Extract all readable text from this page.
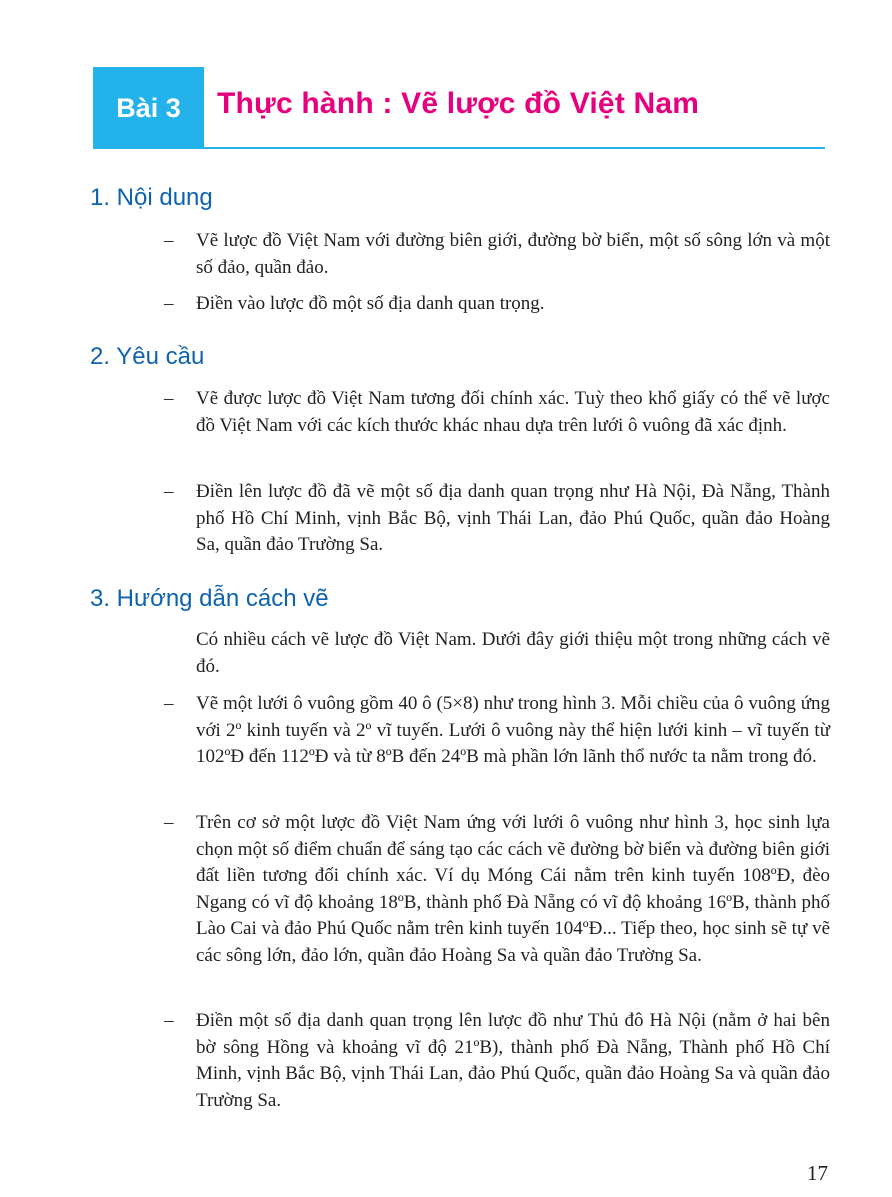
Bài 3	Thực hành : Vẽ lược đồ Việt Nam
1. Nội dung
– Vẽ lược đồ Việt Nam với đường biên giới, đường bờ biển, một số sông lớn và một số đảo, quần đảo.
– Điền vào lược đồ một số địa danh quan trọng.
2. Yêu cầu
– Vẽ được lược đồ Việt Nam tương đối chính xác. Tuỳ theo khổ giấy có thể vẽ lược đồ Việt Nam với các kích thước khác nhau dựa trên lưới ô vuông đã xác định.
– Điền lên lược đồ đã vẽ một số địa danh quan trọng như Hà Nội, Đà Nẵng, Thành phố Hồ Chí Minh, vịnh Bắc Bộ, vịnh Thái Lan, đảo Phú Quốc, quần đảo Hoàng Sa, quần đảo Trường Sa.
3. Hướng dẫn cách vẽ
Có nhiều cách vẽ lược đồ Việt Nam. Dưới đây giới thiệu một trong những cách vẽ đó.
– Vẽ một lưới ô vuông gồm 40 ô (5×8) như trong hình 3. Mỗi chiều của ô vuông ứng với 2º kinh tuyến và 2º vĩ tuyến. Lưới ô vuông này thể hiện lưới kinh – vĩ tuyến từ 102ºĐ đến 112ºĐ và từ 8ºB đến 24ºB mà phần lớn lãnh thổ nước ta nằm trong đó.
– Trên cơ sở một lược đồ Việt Nam ứng với lưới ô vuông như hình 3, học sinh lựa chọn một số điểm chuẩn để sáng tạo các cách vẽ đường bờ biển và đường biên giới đất liền tương đối chính xác. Ví dụ Móng Cái nằm trên kinh tuyến 108ºĐ, đèo Ngang có vĩ độ khoảng 18ºB, thành phố Đà Nẵng có vĩ độ khoảng 16ºB, thành phố Lào Cai và đảo Phú Quốc nằm trên kinh tuyến 104ºĐ... Tiếp theo, học sinh sẽ tự vẽ các sông lớn, đảo lớn, quần đảo Hoàng Sa và quần đảo Trường Sa.
– Điền một số địa danh quan trọng lên lược đồ như Thủ đô Hà Nội (nằm ở hai bên bờ sông Hồng và khoảng vĩ độ 21ºB), thành phố Đà Nẵng, Thành phố Hồ Chí Minh, vịnh Bắc Bộ, vịnh Thái Lan, đảo Phú Quốc, quần đảo Hoàng Sa và quần đảo Trường Sa.
17
